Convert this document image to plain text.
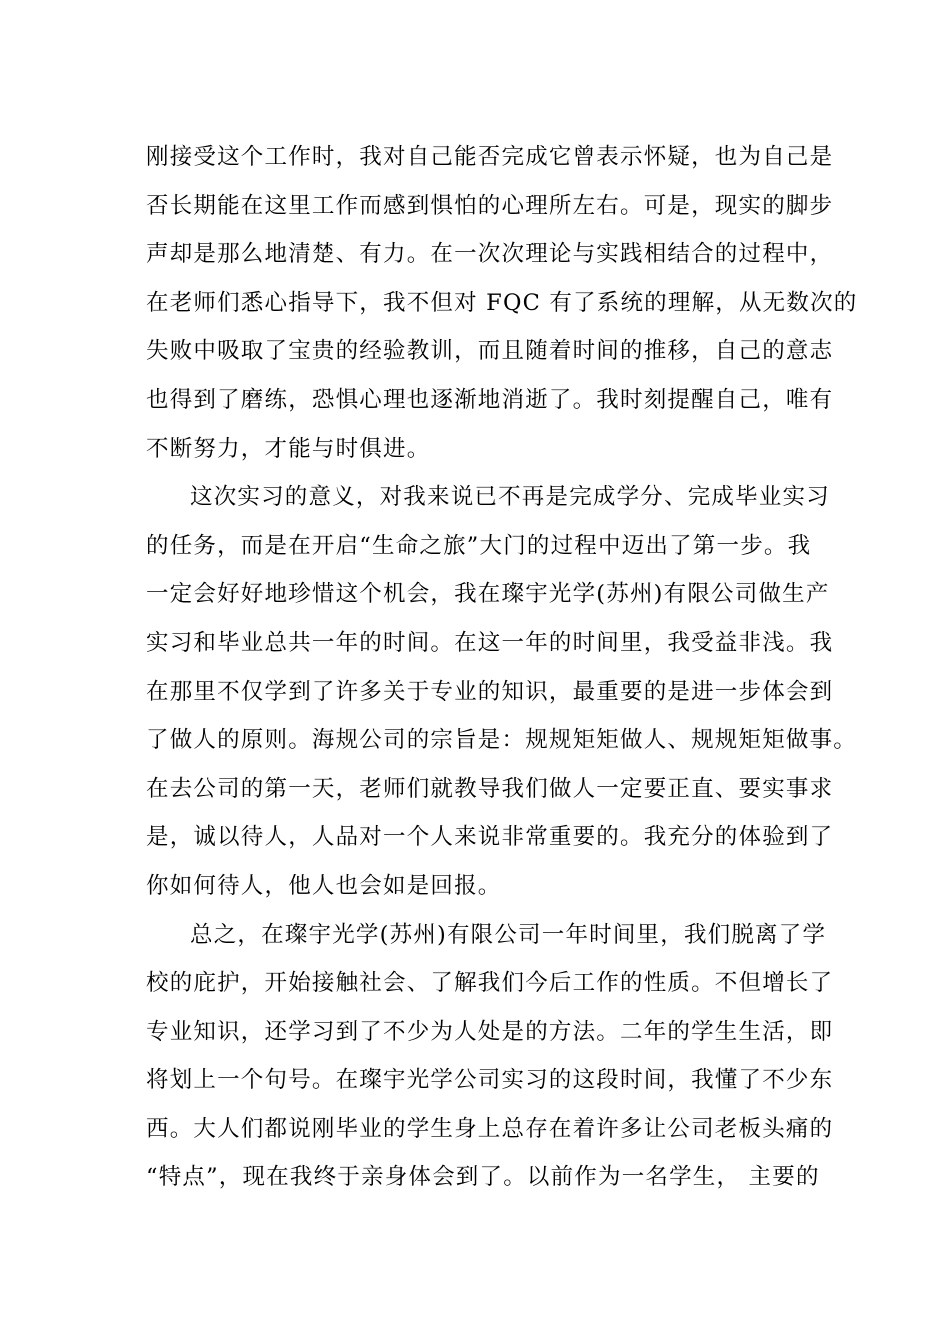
刚接受这个工作时，我对自己能否完成它曾表示怀疑，也为自己是
否长期能在这里工作而感到惧怕的心理所左右。可是，现实的脚步
声却是那么地清楚、有力。在一次次理论与实践相结合的过程中，
在老师们悉心指导下，我不但对 FQC 有了系统的理解，从无数次的
失败中吸取了宝贵的经验教训，而且随着时间的推移，自己的意志
也得到了磨练，恐惧心理也逐渐地消逝了。我时刻提醒自己，唯有
不断努力，才能与时俱进。
这次实习的意义，对我来说已不再是完成学分、完成毕业实习
的任务，而是在开启“生命之旅”大门的过程中迈出了第一步。我
一定会好好地珍惜这个机会，我在璨宇光学(苏州)有限公司做生产
实习和毕业总共一年的时间。在这一年的时间里，我受益非浅。我
在那里不仅学到了许多关于专业的知识，最重要的是进一步体会到
了做人的原则。海规公司的宗旨是：规规矩矩做人、规规矩矩做事。
在去公司的第一天，老师们就教导我们做人一定要正直、要实事求
是，诚以待人，人品对一个人来说非常重要的。我充分的体验到了
你如何待人，他人也会如是回报。
总之，在璨宇光学(苏州)有限公司一年时间里，我们脱离了学
校的庇护，开始接触社会、了解我们今后工作的性质。不但增长了
专业知识，还学习到了不少为人处是的方法。二年的学生生活，即
将划上一个句号。在璨宇光学公司实习的这段时间，我懂了不少东
西。大人们都说刚毕业的学生身上总存在着许多让公司老板头痛的
“特点”，现在我终于亲身体会到了。以前作为一名学生， 主要的
